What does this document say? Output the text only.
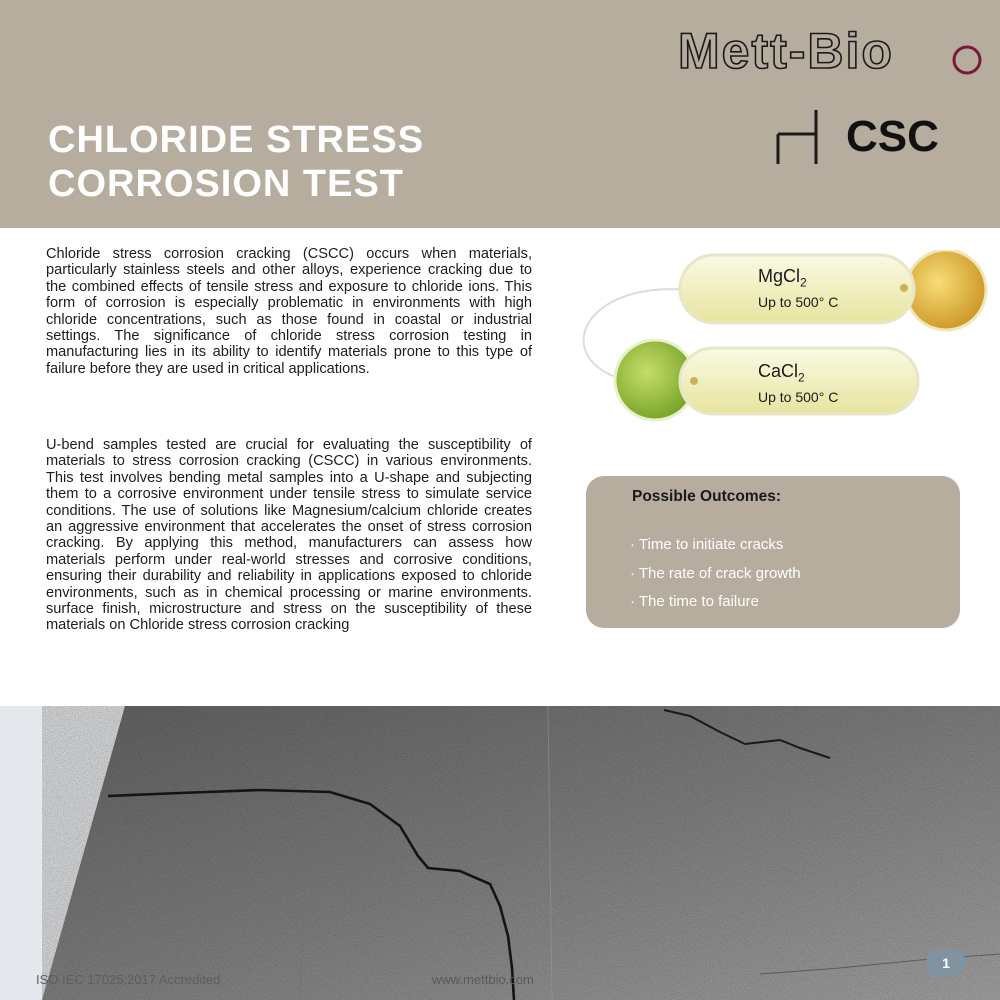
Mett-Bio
CSC
CHLORIDE STRESS
CORROSION TEST

Chloride stress corrosion cracking (CSCC) occurs when materials, particularly stainless steels and other alloys, experience cracking due to the combined effects of tensile stress and exposure to chloride ions. This form of corrosion is especially problematic in environments with high chloride concentrations, such as those found in coastal or industrial settings. The significance of chloride stress corrosion testing in manufacturing lies in its ability to identify materials prone to this type of failure before they are used in critical applications.

U-bend samples tested are crucial for evaluating the susceptibility of materials to stress corrosion cracking (CSCC) in various environments. This test involves bending metal samples into a U-shape and subjecting them to a corrosive environment under tensile stress to simulate service conditions. The use of solutions like Magnesium/calcium chloride creates an aggressive environment that accelerates the onset of stress corrosion cracking. By applying this method, manufacturers can assess how materials perform under real-world stresses and corrosive conditions, ensuring their durability and reliability in applications exposed to chloride environments, such as in chemical processing or marine environments. surface finish, microstructure and stress on the susceptibility of these materials on Chloride stress corrosion cracking

MgCl$_2$
Up to 500° C
CaCl$_2$
Up to 500° C
Possible Outcomes:
· Time to initiate cracks
· The rate of crack growth
· The time to failure
ISO IEC 17025:2017 Accredited	www.mettbio.com
1
